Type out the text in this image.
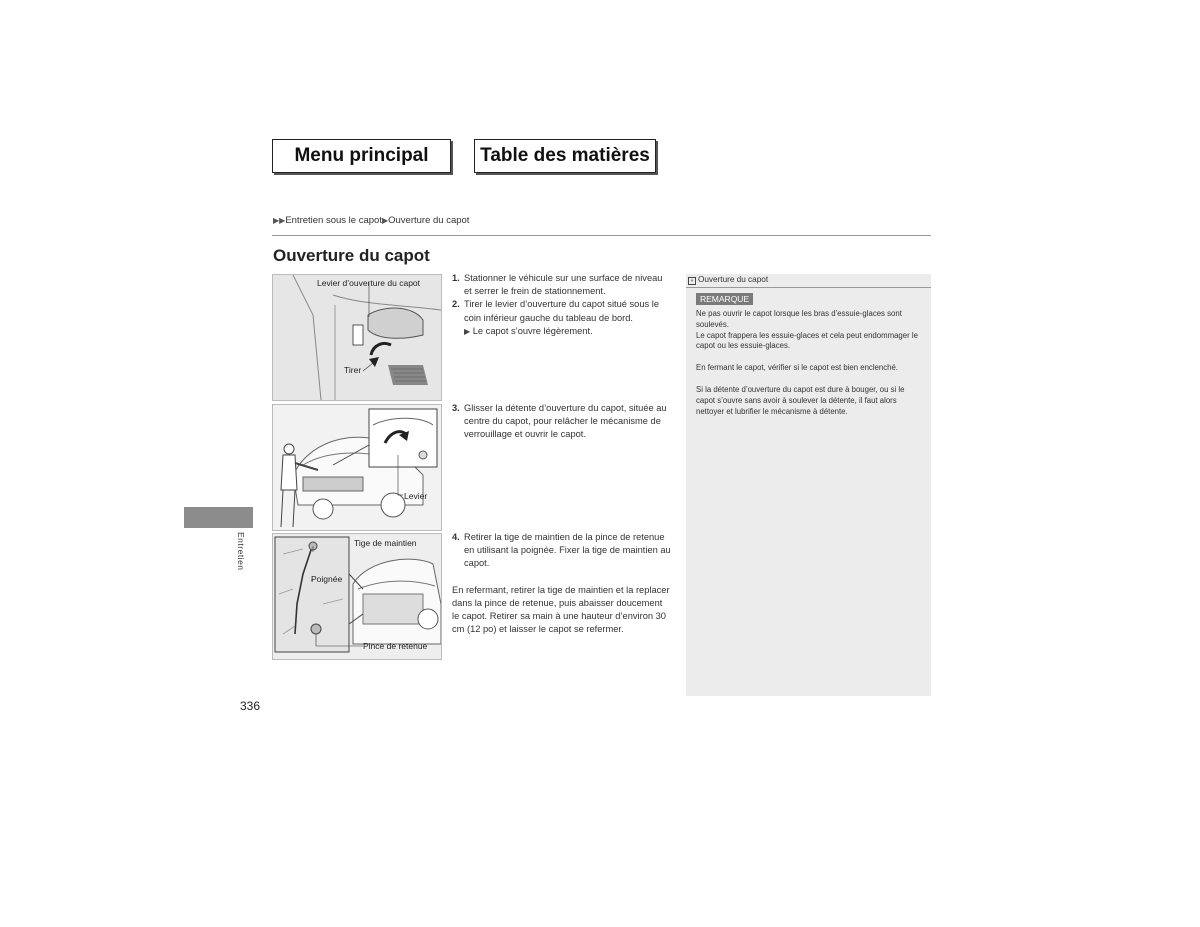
Menu principal	Table des matières
▶▶Entretien sous le capot▶Ouverture du capot
Ouverture du capot
Levier d’ouverture du capot
Tirer
Levier
Tige de maintien
Poignée
Pince de retenue
1. Stationner le véhicule sur une surface de niveau et serrer le frein de stationnement.
2. Tirer le levier d’ouverture du capot situé sous le coin inférieur gauche du tableau de bord.
▶ Le capot s’ouvre légèrement.
3. Glisser la détente d’ouverture du capot, située au centre du capot, pour relâcher le mécanisme de verrouillage et ouvrir le capot.
4. Retirer la tige de maintien de la pince de retenue en utilisant la poignée. Fixer la tige de maintien au capot.
En refermant, retirer la tige de maintien et la replacer dans la pince de retenue, puis abaisser doucement le capot. Retirer sa main à une hauteur d’environ 30 cm (12 po) et laisser le capot se refermer.
» Ouverture du capot
REMARQUE
Ne pas ouvrir le capot lorsque les bras d’essuie-glaces sont soulevés.
Le capot frappera les essuie-glaces et cela peut endommager le capot ou les essuie-glaces.
En fermant le capot, vérifier si le capot est bien enclenché.
Si la détente d’ouverture du capot est dure à bouger, ou si le capot s’ouvre sans avoir à soulever la détente, il faut alors nettoyer et lubrifier le mécanisme à détente.
Entretien
336
